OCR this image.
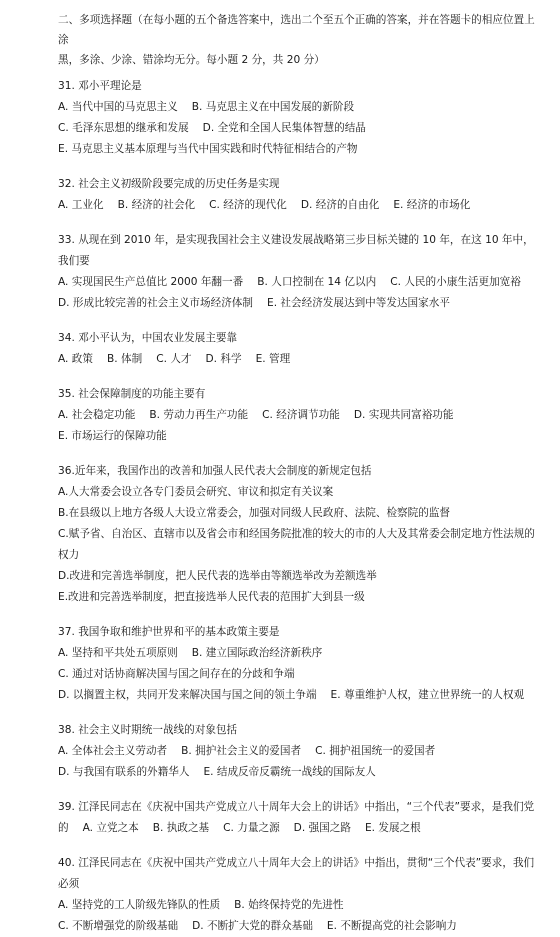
二、多项选择题（在每小题的五个备选答案中，选出二个至五个正确的答案，并在答题卡的相应位置上涂
黑，多涂、少涂、错涂均无分。每小题 2 分，共 20 分）
31. 邓小平理论是
A. 当代中国的马克思主义 B. 马克思主义在中国发展的新阶段
C. 毛泽东思想的继承和发展 D. 全党和全国人民集体智慧的结晶
E. 马克思主义基本原理与当代中国实践和时代特征相结合的产物
32. 社会主义初级阶段要完成的历史任务是实现
A. 工业化 B. 经济的社会化 C. 经济的现代化 D. 经济的自由化 E. 经济的市场化
33. 从现在到 2010 年，是实现我国社会主义建设发展战略第三步目标关键的 10 年，在这 10 年中，我们要
A. 实现国民生产总值比 2000 年翻一番 B. 人口控制在 14 亿以内 C. 人民的小康生活更加宽裕
D. 形成比较完善的社会主义市场经济体制 E. 社会经济发展达到中等发达国家水平
34. 邓小平认为，中国农业发展主要靠
A. 政策 B. 体制 C. 人才 D. 科学 E. 管理
35. 社会保障制度的功能主要有
A. 社会稳定功能 B. 劳动力再生产功能 C. 经济调节功能 D. 实现共同富裕功能
E. 市场运行的保障功能
36.近年来，我国作出的改善和加强人民代表大会制度的新规定包括
A.人大常委会设立各专门委员会研究、审议和拟定有关议案
B.在县级以上地方各级人大设立常委会，加强对同级人民政府、法院、检察院的监督
C.赋予省、自治区、直辖市以及省会市和经国务院批准的较大的市的人大及其常委会制定地方性法规的权力
D.改进和完善选举制度，把人民代表的选举由等额选举改为差额选举
E.改进和完善选举制度，把直接选举人民代表的范围扩大到县一级
37. 我国争取和维护世界和平的基本政策主要是
A. 坚持和平共处五项原则 B. 建立国际政治经济新秩序
C. 通过对话协商解决国与国之间存在的分歧和争端
D. 以搁置主权，共同开发来解决国与国之间的领土争端 E. 尊重维护人权，建立世界统一的人权观
38. 社会主义时期统一战线的对象包括
A. 全体社会主义劳动者 B. 拥护社会主义的爱国者 C. 拥护祖国统一的爱国者
D. 与我国有联系的外籍华人 E. 结成反帝反霸统一战线的国际友人
39. 江泽民同志在《庆祝中国共产党成立八十周年大会上的讲话》中指出，“三个代表”要求，是我们党
的 A. 立党之本 B. 执政之基 C. 力量之源 D. 强国之路 E. 发展之根
40. 江泽民同志在《庆祝中国共产党成立八十周年大会上的讲话》中指出，贯彻“三个代表”要求，我们必须
A. 坚持党的工人阶级先锋队的性质 B. 始终保持党的先进性
C. 不断增强党的阶级基础 D. 不断扩大党的群众基础 E. 不断提高党的社会影响力
